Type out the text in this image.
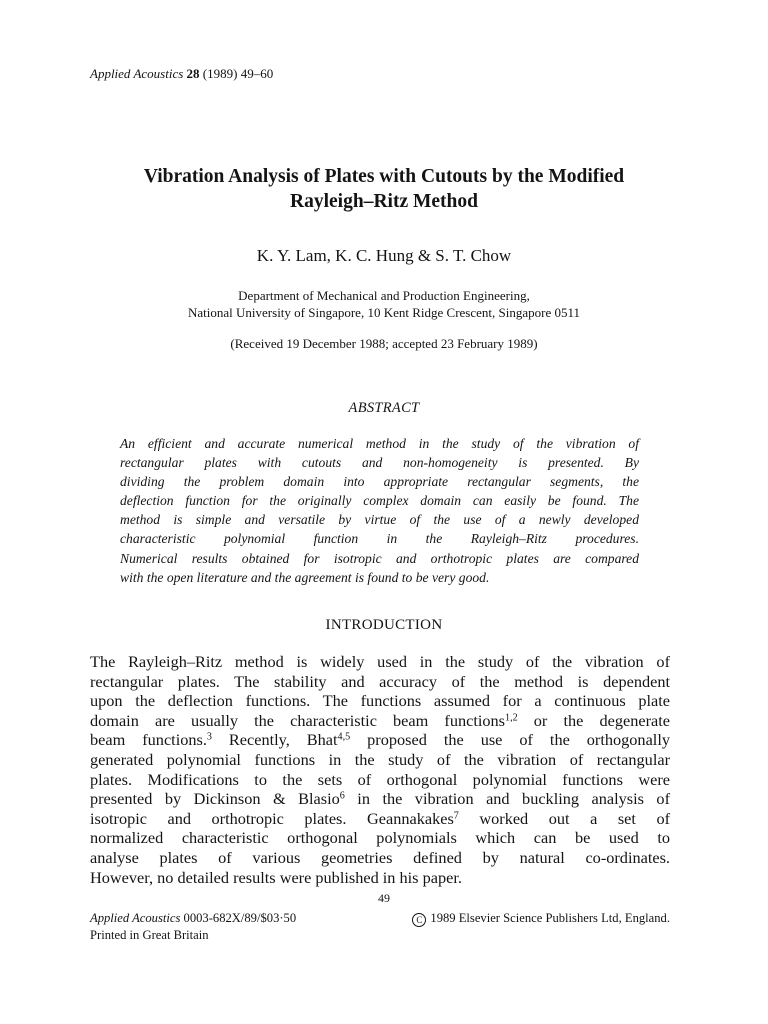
Applied Acoustics 28 (1989) 49–60
Vibration Analysis of Plates with Cutouts by the Modified
Rayleigh–Ritz Method
K. Y. Lam, K. C. Hung & S. T. Chow
Department of Mechanical and Production Engineering,
National University of Singapore, 10 Kent Ridge Crescent, Singapore 0511
(Received 19 December 1988; accepted 23 February 1989)
ABSTRACT
An efficient and accurate numerical method in the study of the vibration of
rectangular plates with cutouts and non-homogeneity is presented. By
dividing the problem domain into appropriate rectangular segments, the
deflection function for the originally complex domain can easily be found. The
method is simple and versatile by virtue of the use of a newly developed
characteristic polynomial function in the Rayleigh–Ritz procedures.
Numerical results obtained for isotropic and orthotropic plates are compared
with the open literature and the agreement is found to be very good.
INTRODUCTION
The Rayleigh–Ritz method is widely used in the study of the vibration of
rectangular plates. The stability and accuracy of the method is dependent
upon the deflection functions. The functions assumed for a continuous plate
domain are usually the characteristic beam functions$^{1,2}$ or the degenerate
beam functions.$^3$ Recently, Bhat$^{4,5}$ proposed the use of the orthogonally
generated polynomial functions in the study of the vibration of rectangular
plates. Modifications to the sets of orthogonal polynomial functions were
presented by Dickinson & Blasio$^6$ in the vibration and buckling analysis of
isotropic and orthotropic plates. Geannakakes$^7$ worked out a set of
normalized characteristic orthogonal polynomials which can be used to
analyse plates of various geometries defined by natural co-ordinates.
However, no detailed results were published in his paper.
49
Applied Acoustics 0003-682X/89/$03·50	C 1989 Elsevier Science Publishers Ltd, England.
Printed in Great Britain
